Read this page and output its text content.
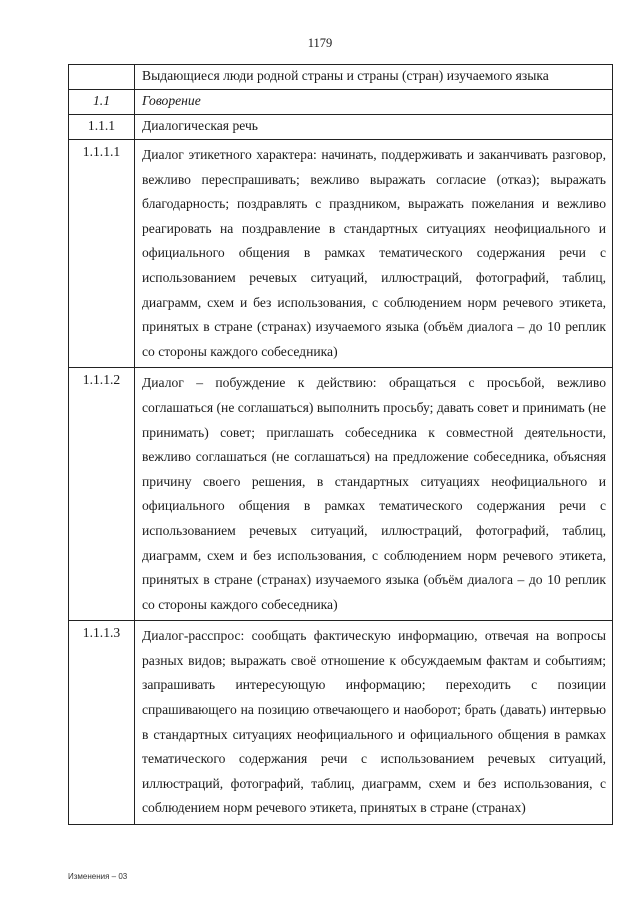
1179
	Выдающиеся люди родной страны и страны (стран) изучаемого языка
1.1	Говорение
1.1.1	Диалогическая речь
1.1.1.1	Диалог этикетного характера: начинать, поддерживать и заканчивать разговор, вежливо переспрашивать; вежливо выражать согласие (отказ); выражать благодарность; поздравлять с праздником, выражать пожелания и вежливо реагировать на поздравление в стандартных ситуациях неофициального и официального общения в рамках тематического содержания речи с использованием речевых ситуаций, иллюстраций, фотографий, таблиц, диаграмм, схем и без использования, с соблюдением норм речевого этикета, принятых в стране (странах) изучаемого языка (объём диалога – до 10 реплик со стороны каждого собеседника)
1.1.1.2	Диалог – побуждение к действию: обращаться с просьбой, вежливо соглашаться (не соглашаться) выполнить просьбу; давать совет и принимать (не принимать) совет; приглашать собеседника к совместной деятельности, вежливо соглашаться (не соглашаться) на предложение собеседника, объясняя причину своего решения, в стандартных ситуациях неофициального и официального общения в рамках тематического содержания речи с использованием речевых ситуаций, иллюстраций, фотографий, таблиц, диаграмм, схем и без использования, с соблюдением норм речевого этикета, принятых в стране (странах) изучаемого языка (объём диалога – до 10 реплик со стороны каждого собеседника)
1.1.1.3	Диалог-расспрос: сообщать фактическую информацию, отвечая на вопросы разных видов; выражать своё отношение к обсуждаемым фактам и событиям; запрашивать интересующую информацию; переходить с позиции спрашивающего на позицию отвечающего и наоборот; брать (давать) интервью в стандартных ситуациях неофициального и официального общения в рамках тематического содержания речи с использованием речевых ситуаций, иллюстраций, фотографий, таблиц, диаграмм, схем и без использования, с соблюдением норм речевого этикета, принятых в стране (странах)
Изменения – 03
